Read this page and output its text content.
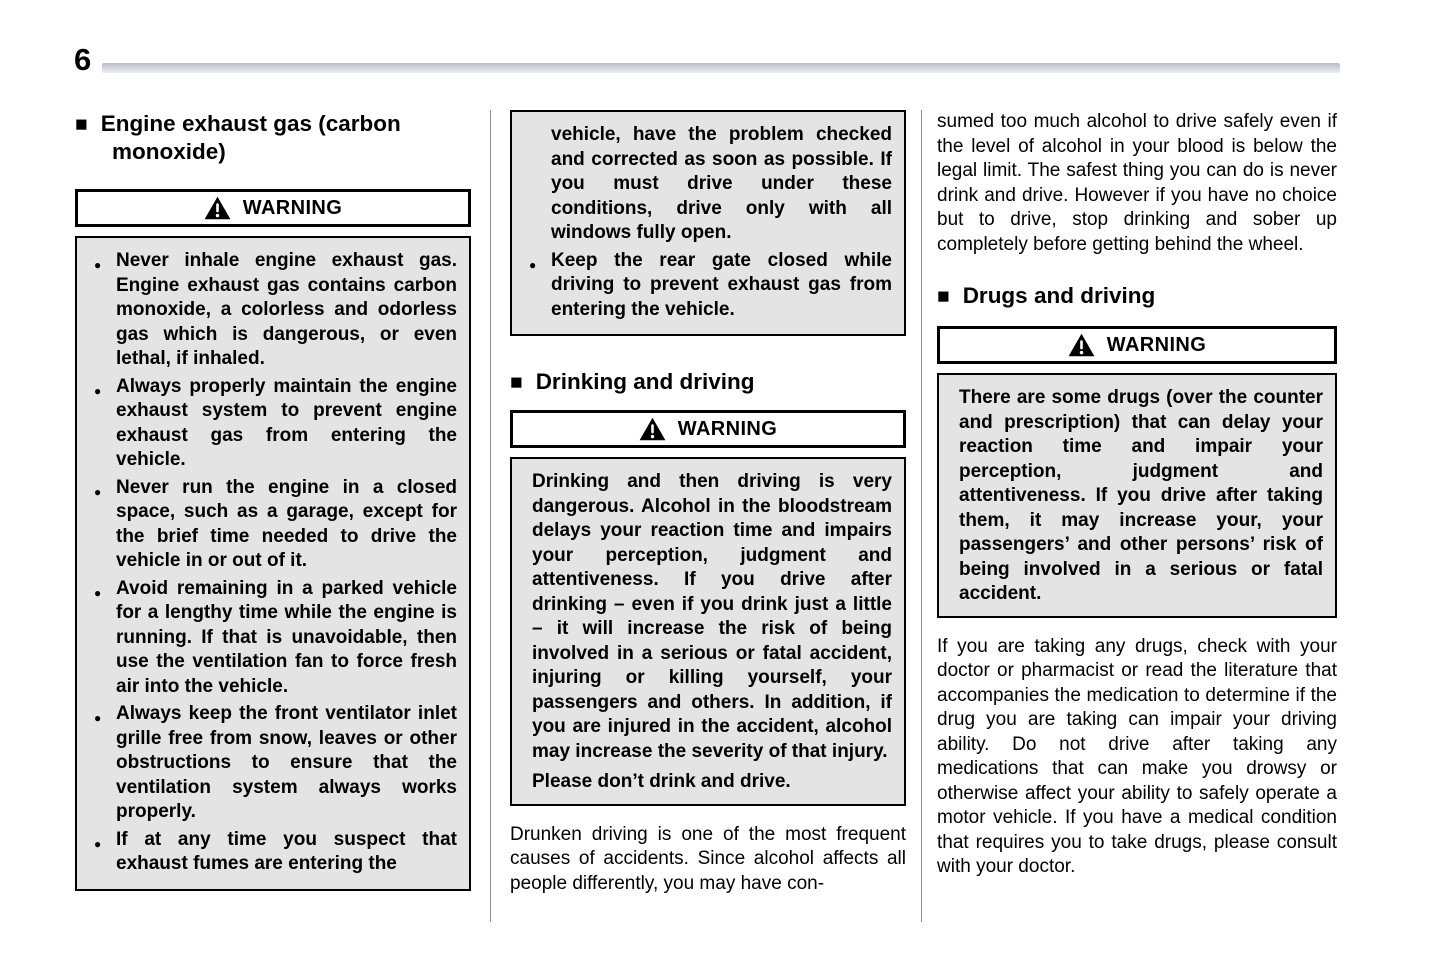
6
■ Engine exhaust gas (carbon monoxide)
WARNING
● Never inhale engine exhaust gas. Engine exhaust gas contains carbon monoxide, a colorless and odorless gas which is dangerous, or even lethal, if inhaled.
● Always properly maintain the engine exhaust system to prevent engine exhaust gas from entering the vehicle.
● Never run the engine in a closed space, such as a garage, except for the brief time needed to drive the vehicle in or out of it.
● Avoid remaining in a parked vehicle for a lengthy time while the engine is running. If that is unavoidable, then use the ventilation fan to force fresh air into the vehicle.
● Always keep the front ventilator inlet grille free from snow, leaves or other obstructions to ensure that the ventilation system always works properly.
● If at any time you suspect that exhaust fumes are entering the
vehicle, have the problem checked and corrected as soon as possible. If you must drive under these conditions, drive only with all windows fully open.
● Keep the rear gate closed while driving to prevent exhaust gas from entering the vehicle.
■ Drinking and driving
WARNING

Drinking and then driving is very dangerous. Alcohol in the bloodstream delays your reaction time and impairs your perception, judgment and attentiveness. If you drive after drinking – even if you drink just a little – it will increase the risk of being involved in a serious or fatal accident, injuring or killing yourself, your passengers and others. In addition, if you are injured in the accident, alcohol may increase the severity of that injury.

Please don’t drink and drive.

Drunken driving is one of the most frequent causes of accidents. Since alcohol affects all people differently, you may have con-

sumed too much alcohol to drive safely even if the level of alcohol in your blood is below the legal limit. The safest thing you can do is never drink and drive. However if you have no choice but to drive, stop drinking and sober up completely before getting behind the wheel.

■ Drugs and driving
WARNING

There are some drugs (over the counter and prescription) that can delay your reaction time and impair your perception, judgment and attentiveness. If you drive after taking them, it may increase your, your passengers’ and other persons’ risk of being involved in a serious or fatal accident.

If you are taking any drugs, check with your doctor or pharmacist or read the literature that accompanies the medication to determine if the drug you are taking can impair your driving ability. Do not drive after taking any medications that can make you drowsy or otherwise affect your ability to safely operate a motor vehicle. If you have a medical condition that requires you to take drugs, please consult with your doctor.
